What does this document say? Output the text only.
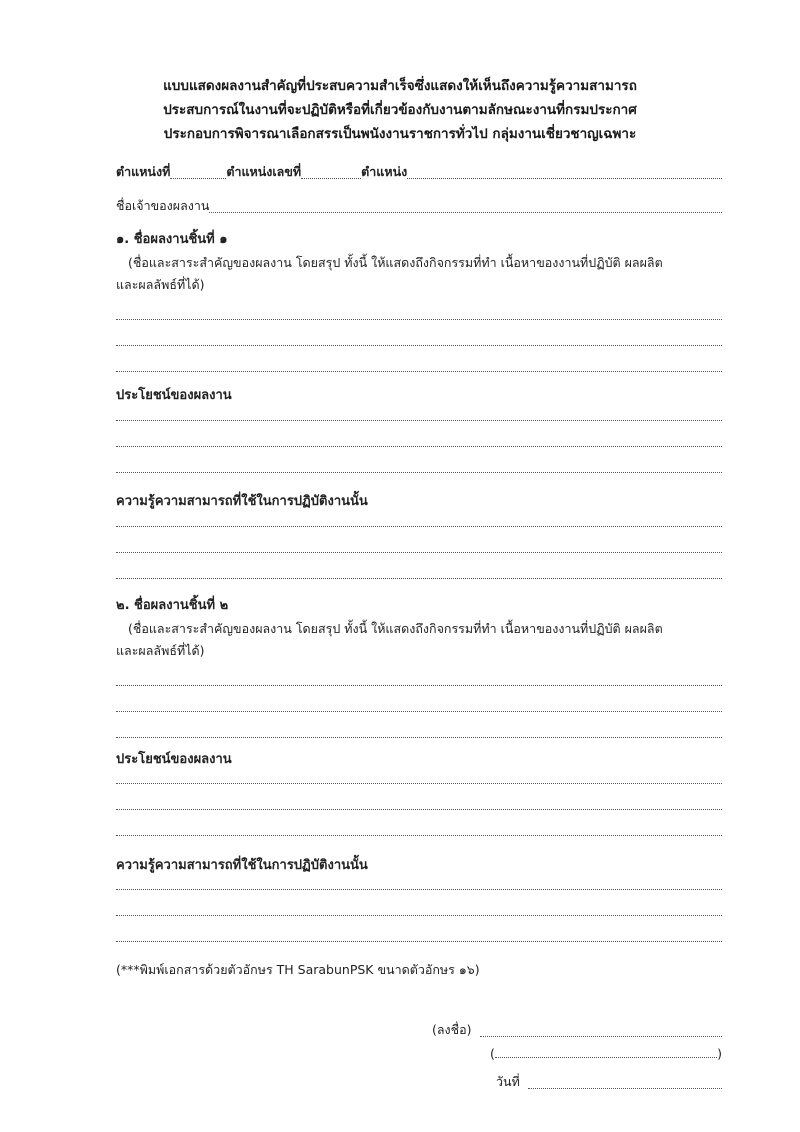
แบบแสดงผลงานสำคัญที่ประสบความสำเร็จซึ่งแสดงให้เห็นถึงความรู้ความสามารถ
ประสบการณ์ในงานที่จะปฏิบัติหรือที่เกี่ยวข้องกับงานตามลักษณะงานที่กรมประกาศ
ประกอบการพิจารณาเลือกสรรเป็นพนังงานราชการทั่วไป กลุ่มงานเชี่ยวชาญเฉพาะ
ตำแหน่งที่	ตำแหน่งเลขที่	ตำแหน่ง
ชื่อเจ้าของผลงาน
๑. ชื่อผลงานชิ้นที่ ๑
(ชื่อและสาระสำคัญของผลงาน โดยสรุป ทั้งนี้ ให้แสดงถึงกิจกรรมที่ทำ เนื้อหาของงานที่ปฏิบัติ ผลผลิต
และผลลัพธ์ที่ได้)
ประโยชน์ของผลงาน
ความรู้ความสามารถที่ใช้ในการปฏิบัติงานนั้น
๒. ชื่อผลงานชิ้นที่ ๒
(ชื่อและสาระสำคัญของผลงาน โดยสรุป ทั้งนี้ ให้แสดงถึงกิจกรรมที่ทำ เนื้อหาของงานที่ปฏิบัติ ผลผลิต
และผลลัพธ์ที่ได้)
ประโยชน์ของผลงาน
ความรู้ความสามารถที่ใช้ในการปฏิบัติงานนั้น
(***พิมพ์เอกสารด้วยตัวอักษร TH SarabunPSK ขนาดตัวอักษร ๑๖)
(ลงชื่อ)
(	)
วันที่
